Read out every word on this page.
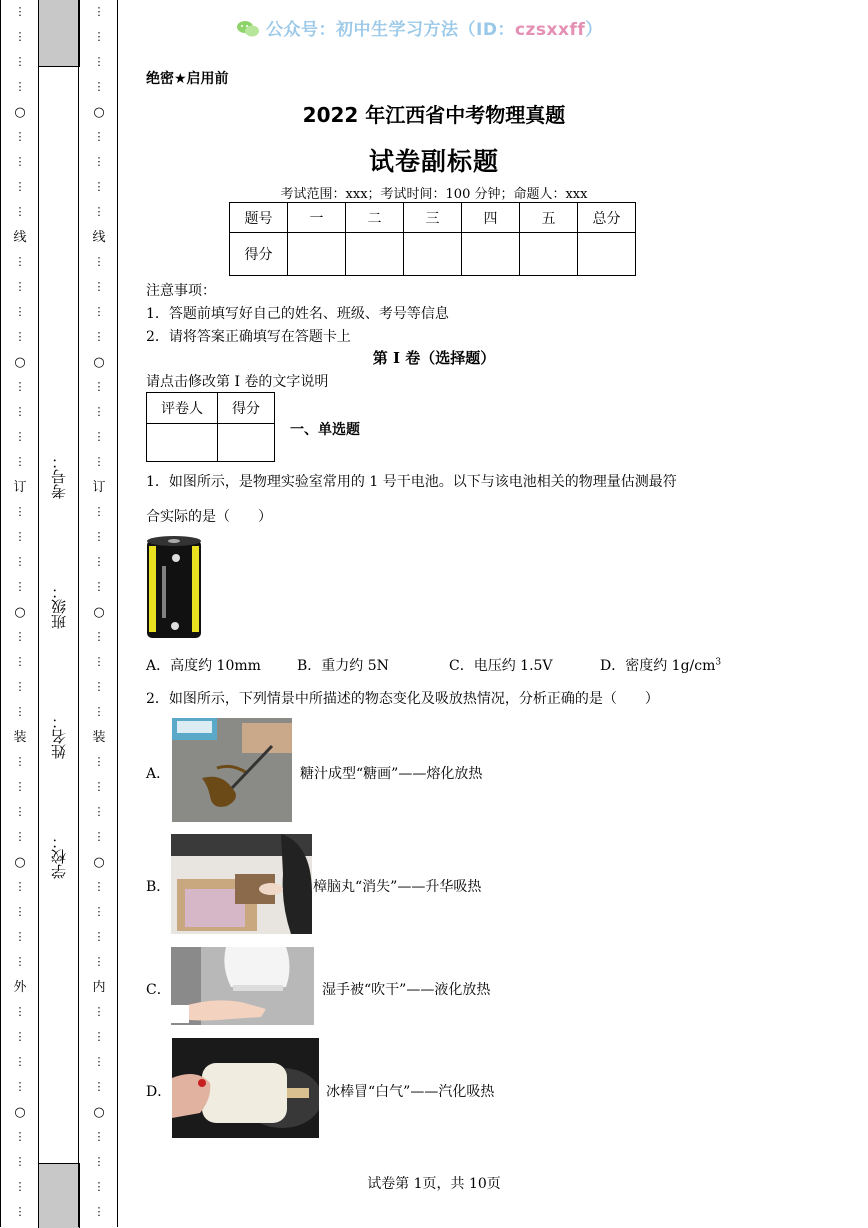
⋮
⋮
⋮
⋮
⋮
⋮
⋮
⋮
⋮
⋮
⋮
⋮
⋮
⋮
⋮
⋮
⋮
⋮
⋮
⋮
⋮
⋮
⋮
⋮
⋮
⋮
⋮
⋮
⋮
⋮
⋮
⋮
⋮
⋮
⋮
⋮
⋮
⋮
⋮
⋮
○
线
○
订
○
装
○
外
○
⋮
⋮
⋮
⋮
⋮
⋮
⋮
⋮
⋮
⋮
⋮
⋮
⋮
⋮
⋮
⋮
⋮
⋮
⋮
⋮
⋮
⋮
⋮
⋮
⋮
⋮
⋮
⋮
⋮
⋮
⋮
⋮
⋮
⋮
⋮
⋮
⋮
⋮
⋮
⋮
○
线
○
订
○
装
○
内
○
考号：
班级：
姓名：
学校：
公众号：初中生学习方法（ID：czsxxff）
绝密★启用前
2022 年江西省中考物理真题
试卷副标题
考试范围：xxx；考试时间：100 分钟；命题人：xxx
题号	一	二	三	四	五	总分
得分						
注意事项：
1．答题前填写好自己的姓名、班级、考号等信息
2．请将答案正确填写在答题卡上
第 I 卷（选择题）
请点击修改第 I 卷的文字说明
评卷人	得分

一、单选题
1．如图所示，是物理实验室常用的 1 号干电池。以下与该电池相关的物理量估测最符
合实际的是（　　）
A．高度约 10mm	B．重力约 5N	C．电压约 1.5V	D．密度约 $1g/cm^3$
2．如图所示，下列情景中所描述的物态变化及吸放热情况，分析正确的是（　　）
A．	糖汁成型“糖画”——熔化放热
B．	樟脑丸“消失”——升华吸热
C．	湿手被“吹干”——液化放热
D．	冰棒冒“白气”——汽化吸热
试卷第 1页，共 10页
